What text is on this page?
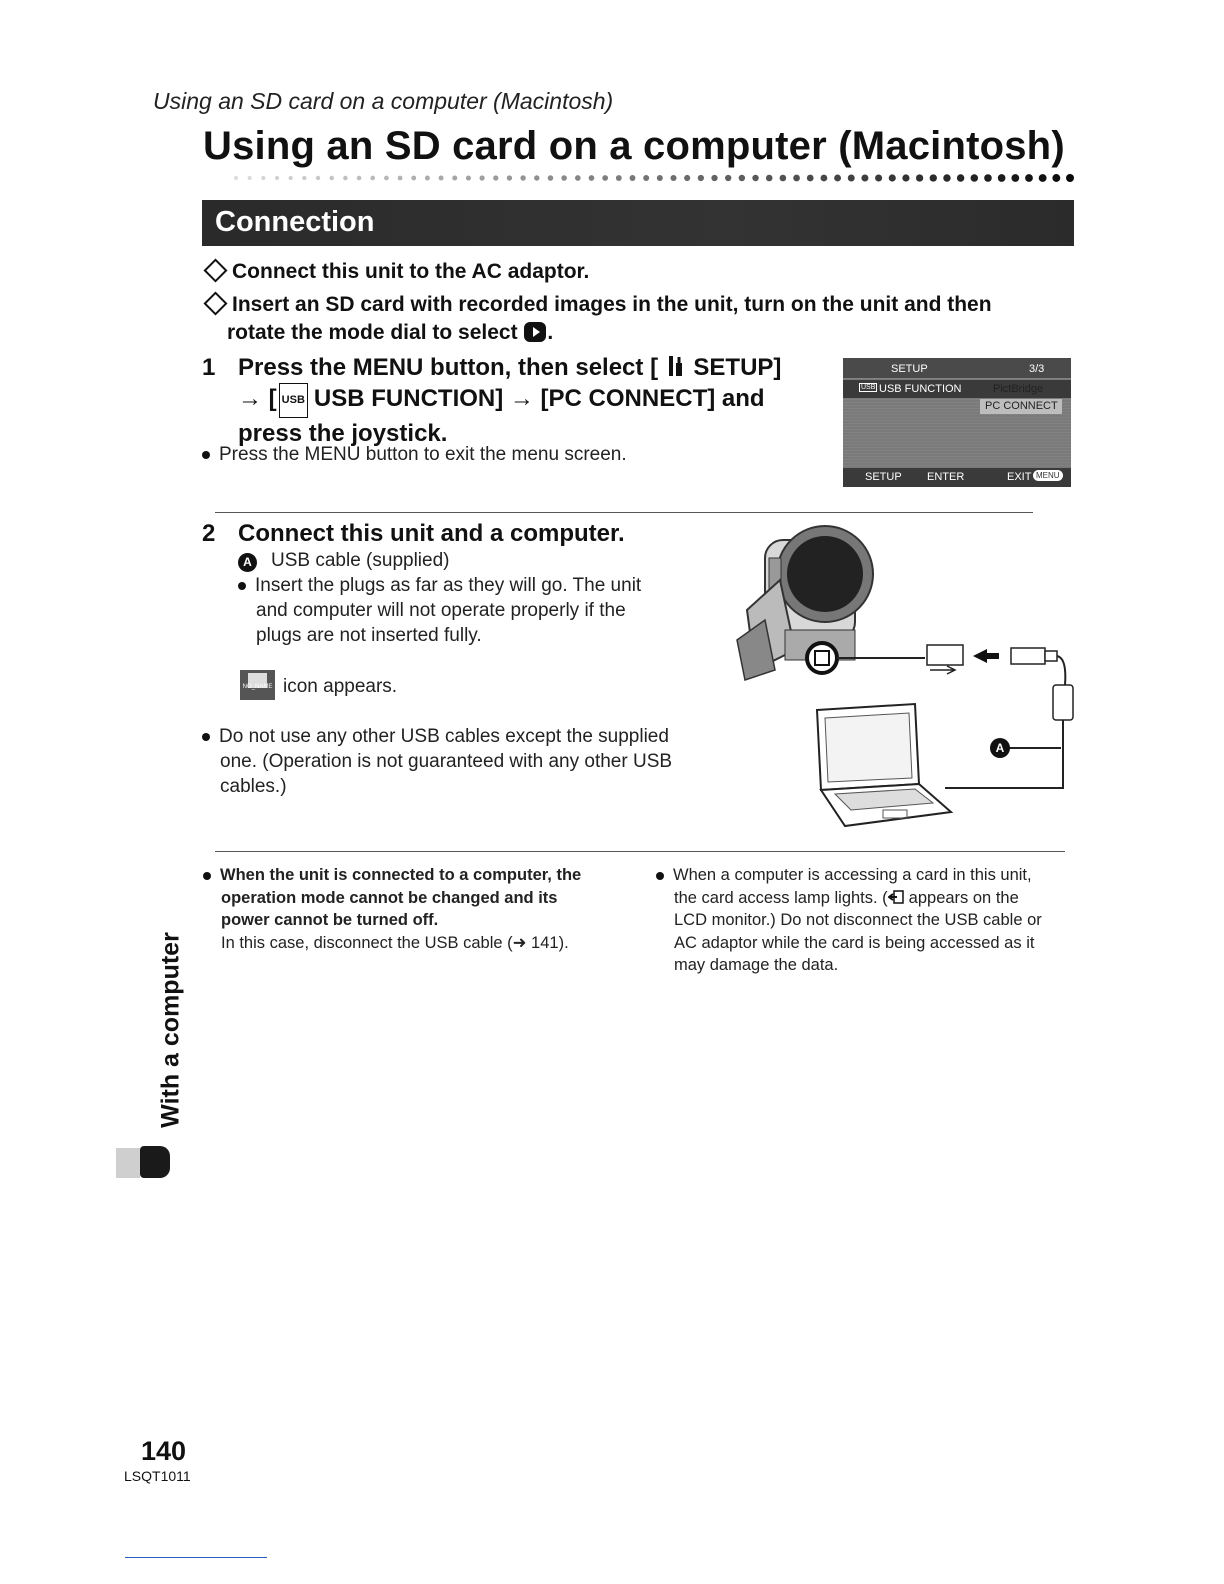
Using an SD card on a computer (Macintosh)
Using an SD card on a computer (Macintosh)
Connection
Connect this unit to the AC adaptor.
Insert an SD card with recorded images in the unit, turn on the unit and then
rotate the mode dial to select .
1 Press the MENU button, then select [ SETUP]
→ [ USB USB FUNCTION] → [PC CONNECT] and
press the joystick.
Press the MENU button to exit the menu screen.
SETUP	3/3
USB USB FUNCTION	PictBridge
PC CONNECT
SETUP ENTER	EXIT MENU
2 Connect this unit and a computer.
A USB cable (supplied)
Insert the plugs as far as they will go. The unit
and computer will not operate properly if the
plugs are not inserted fully.
NO_NAME icon appears.
Do not use any other USB cables except the supplied
one. (Operation is not guaranteed with any other USB
cables.)
A
When the unit is connected to a computer, the
operation mode cannot be changed and its
power cannot be turned off.
In this case, disconnect the USB cable (➜ 141).
When a computer is accessing a card in this unit,
the card access lamp lights. ( appears on the
LCD monitor.) Do not disconnect the USB cable or
AC adaptor while the card is being accessed as it
may damage the data.
With a computer
140
LSQT1011
